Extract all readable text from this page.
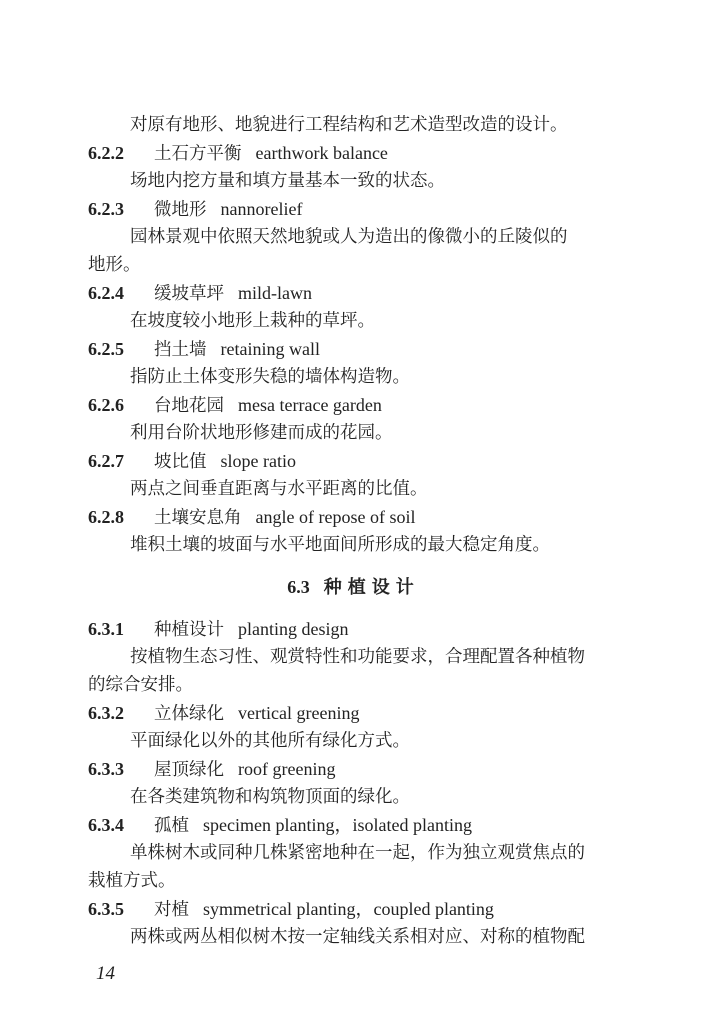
对原有地形、地貌进行工程结构和艺术造型改造的设计。
6.2.2 土石方平衡 earthwork balance
场地内挖方量和填方量基本一致的状态。
6.2.3 微地形 nannorelief
园林景观中依照天然地貌或人为造出的像微小的丘陵似的
地形。
6.2.4 缓坡草坪 mild-lawn
在坡度较小地形上栽种的草坪。
6.2.5 挡土墙 retaining wall
指防止土体变形失稳的墙体构造物。
6.2.6 台地花园 mesa terrace garden
利用台阶状地形修建而成的花园。
6.2.7 坡比值 slope ratio
两点之间垂直距离与水平距离的比值。
6.2.8 土壤安息角 angle of repose of soil
堆积土壤的坡面与水平地面间所形成的最大稳定角度。
6.3 种植设计
6.3.1 种植设计 planting design
按植物生态习性、观赏特性和功能要求，合理配置各种植物
的综合安排。
6.3.2 立体绿化 vertical greening
平面绿化以外的其他所有绿化方式。
6.3.3 屋顶绿化 roof greening
在各类建筑物和构筑物顶面的绿化。
6.3.4 孤植 specimen planting，isolated planting
单株树木或同种几株紧密地种在一起，作为独立观赏焦点的
栽植方式。
6.3.5 对植 symmetrical planting，coupled planting
两株或两丛相似树木按一定轴线关系相对应、对称的植物配
14
